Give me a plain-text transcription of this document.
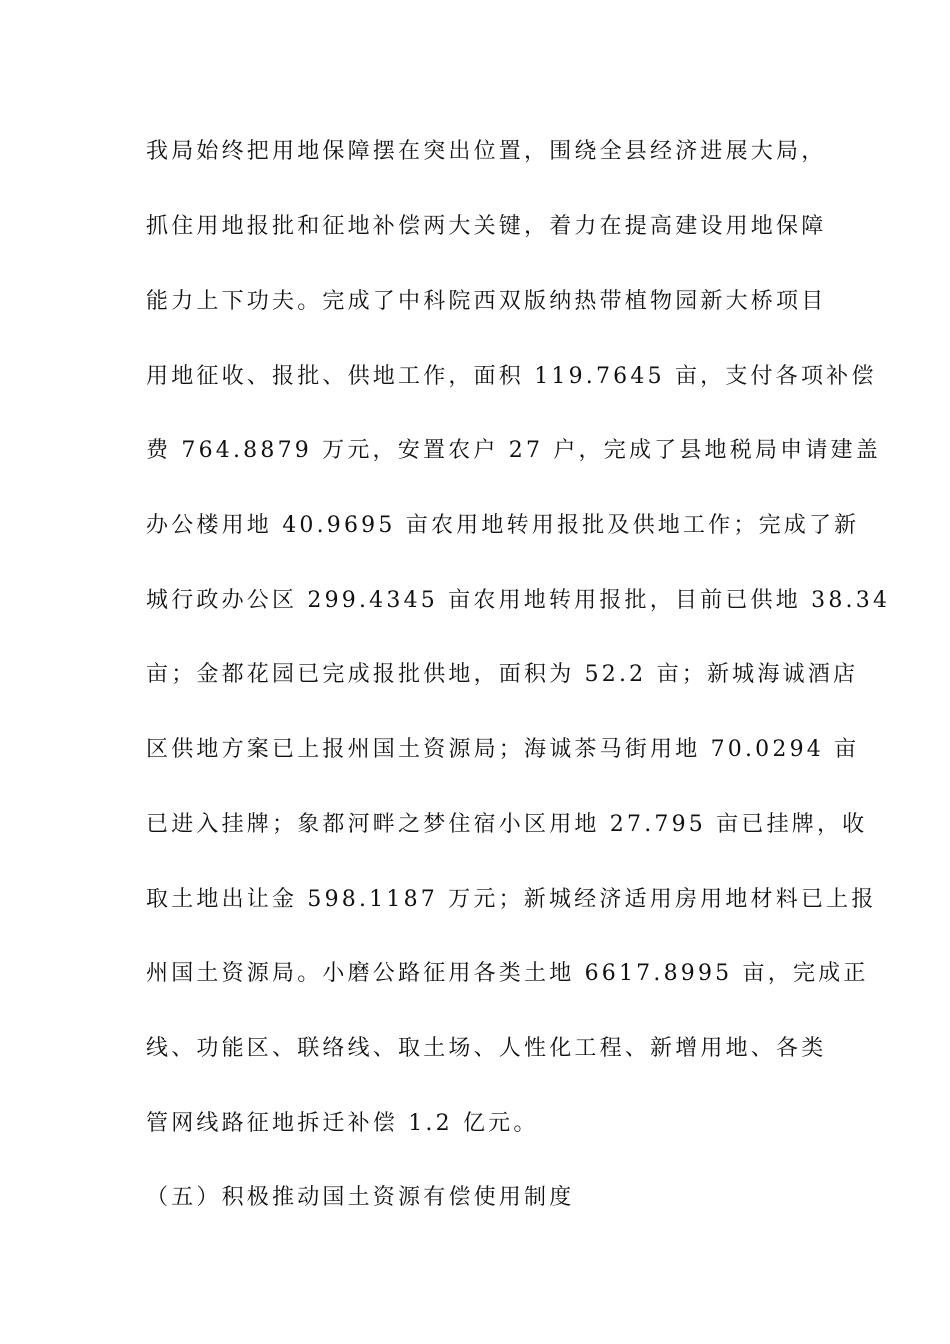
我局始终把用地保障摆在突出位置，围绕全县经济进展大局，
抓住用地报批和征地补偿两大关键，着力在提高建设用地保障
能力上下功夫。完成了中科院西双版纳热带植物园新大桥项目
用地征收、报批、供地工作，面积 119.7645 亩，支付各项补偿
费 764.8879 万元，安置农户 27 户，完成了县地税局申请建盖
办公楼用地 40.9695 亩农用地转用报批及供地工作；完成了新
城行政办公区 299.4345 亩农用地转用报批，目前已供地 38.34
亩；金都花园已完成报批供地，面积为 52.2 亩；新城海诚酒店
区供地方案已上报州国土资源局；海诚茶马街用地 70.0294 亩
已进入挂牌；象都河畔之梦住宿小区用地 27.795 亩已挂牌，收
取土地出让金 598.1187 万元；新城经济适用房用地材料已上报
州国土资源局。小磨公路征用各类土地 6617.8995 亩，完成正
线、功能区、联络线、取土场、人性化工程、新增用地、各类
管网线路征地拆迁补偿 1.2 亿元。
（五）积极推动国土资源有偿使用制度
